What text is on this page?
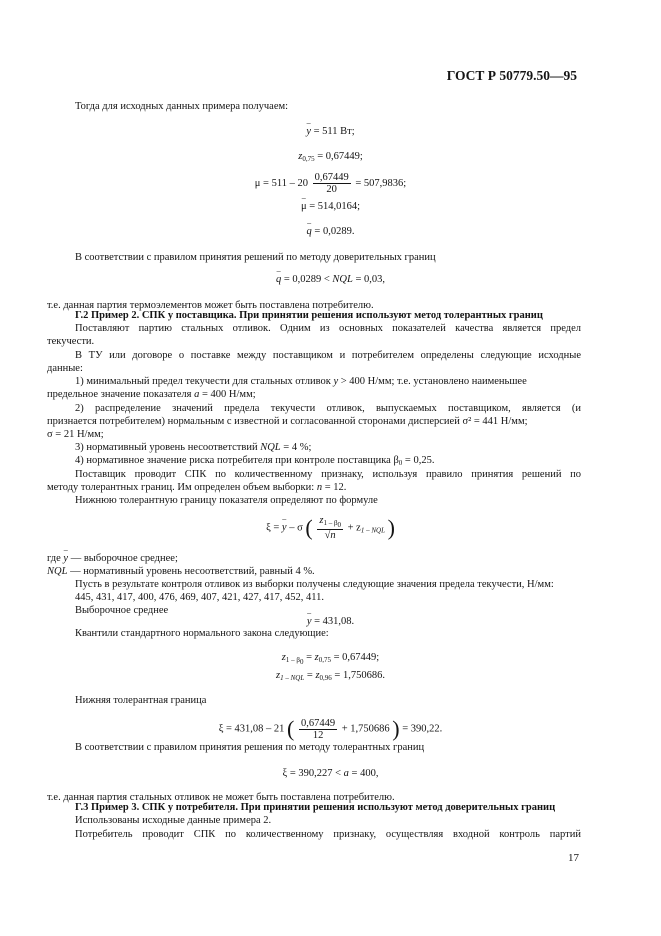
ГОСТ Р 50779.50—95
Тогда для исходных данных примера получаем:
– y = 511 Вт;
$z_{0,75} = 0,67449$;
$\mu = 511 - 20 \frac{0,67449}{20} = 507,9836$;
– μ = 514,0164;
– q = 0,0289.
В соответствии с правилом принятия решений по методу доверительных границ
– q = 0,0289 < NQL = 0,03,
т.е. данная партия термоэлементов может быть поставлена потребителю.
Г.2 Пример 2. СПК у поставщика. При принятии решения используют метод толерантных границ
Поставляют партию стальных отливок. Одним из основных показателей качества является предел
текучести.
В ТУ или договоре о поставке между поставщиком и потребителем определены следующие исходные
данные:
1) минимальный предел текучести для стальных отливок y > 400 Н/мм; т.е. установлено наименьшее
предельное значение показателя a = 400 Н/мм;
2) распределение значений предела текучести отливок, выпускаемых поставщиком, является (и
признается потребителем) нормальным с известной и согласованной сторонами дисперсией σ² = 441 Н/мм;
σ = 21 Н/мм;
3) нормативный уровень несоответствий NQL = 4 %;
4) нормативное значение риска потребителя при контроле поставщика $\beta_0 = 0,25$.
Поставщик проводит СПК по количественному признаку, используя правило принятия решений по
методу толерантных границ. Им определен объем выборки: n = 12.
Нижнюю толерантную границу показателя определяют по формуле
ξ = – y – σ ( $\frac{z_{1 - \beta_0}}{√n} + z_{1 - NQL}$ )
где – y — выборочное среднее;
NQL — нормативный уровень несоответствий, равный 4 %.
Пусть в результате контроля отливок из выборки получены следующие значения предела текучести, Н/мм:
445, 431, 417, 400, 476, 469, 407, 421, 427, 417, 452, 411.
Выборочное среднее
– y = 431,08.
Квантили стандартного нормального закона следующие:
$z_{1 - \beta_0} = z_{0,75} = 0,67449$;
$z_{1 - NQL} = z_{0,96} = 1,750686$.
Нижняя толерантная граница
ξ = 431,08 – 21 ( $\frac{0,67449}{12} + 1,750686$ ) = 390,22.
В соответствии с правилом принятия решения по методу толерантных границ
ξ = 390,227 < a = 400,
т.е. данная партия стальных отливок не может быть поставлена потребителю.
Г.3 Пример 3. СПК у потребителя. При принятии решения используют метод доверительных границ
Использованы исходные данные примера 2.
Потребитель проводит СПК по количественному признаку, осуществляя входной контроль партий
17
